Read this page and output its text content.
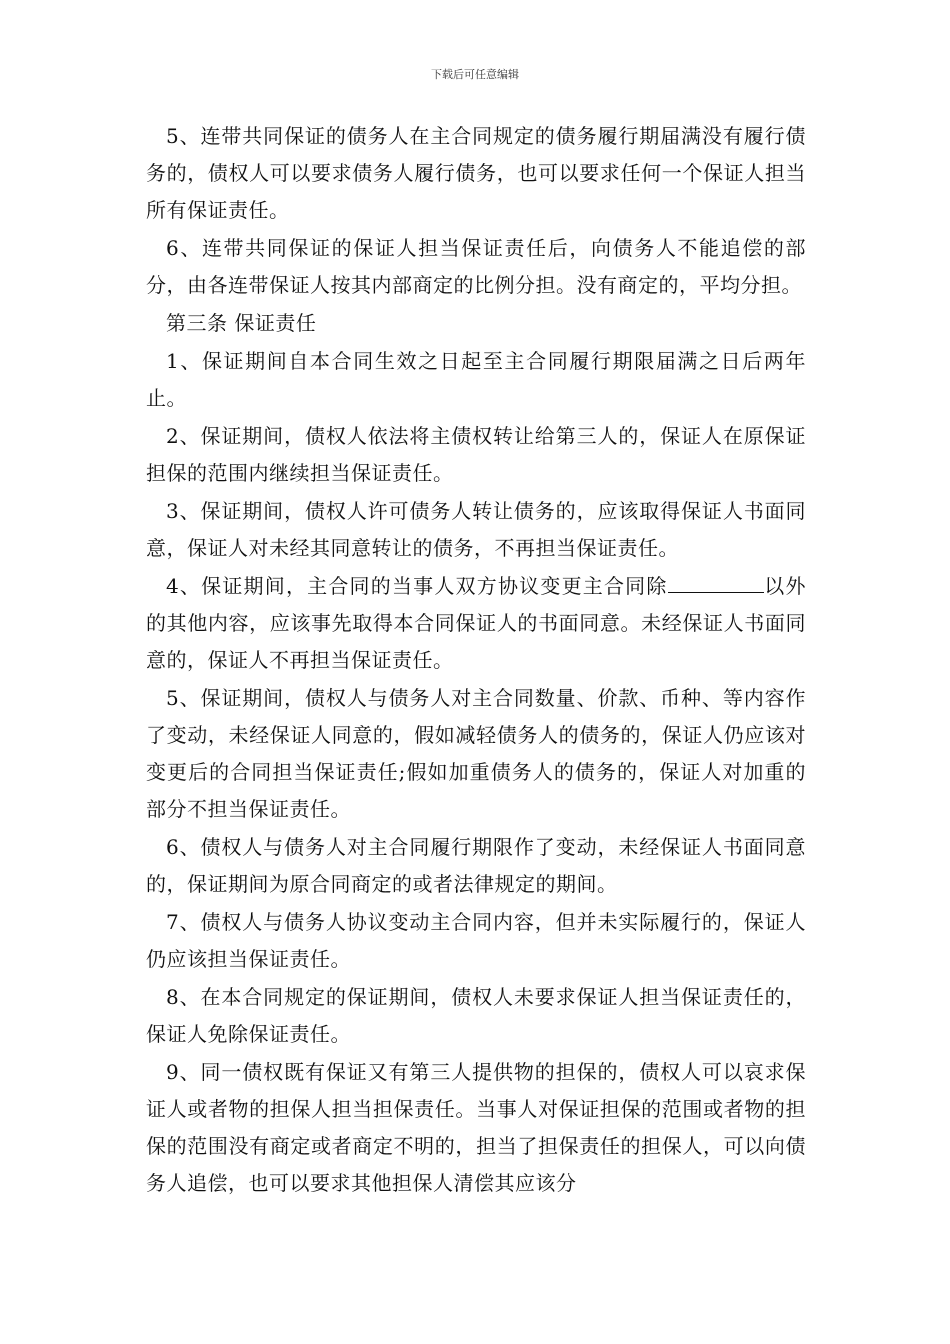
下载后可任意编辑

5、连带共同保证的债务人在主合同规定的债务履行期届满没有履行债务的，债权人可以要求债务人履行债务，也可以要求任何一个保证人担当所有保证责任。

6、连带共同保证的保证人担当保证责任后，向债务人不能追偿的部分，由各连带保证人按其内部商定的比例分担。没有商定的，平均分担。

第三条 保证责任

1、保证期间自本合同生效之日起至主合同履行期限届满之日后两年止。

2、保证期间，债权人依法将主债权转让给第三人的，保证人在原保证担保的范围内继续担当保证责任。

3、保证期间，债权人许可债务人转让债务的，应该取得保证人书面同意，保证人对未经其同意转让的债务，不再担当保证责任。

4、保证期间，主合同的当事人双方协议变更主合同除	以外的其他内容，应该事先取得本合同保证人的书面同意。未经保证人书面同意的，保证人不再担当保证责任。

5、保证期间，债权人与债务人对主合同数量、价款、币种、等内容作了变动，未经保证人同意的，假如减轻债务人的债务的，保证人仍应该对变更后的合同担当保证责任;假如加重债务人的债务的，保证人对加重的部分不担当保证责任。

6、债权人与债务人对主合同履行期限作了变动，未经保证人书面同意的，保证期间为原合同商定的或者法律规定的期间。

7、债权人与债务人协议变动主合同内容，但并未实际履行的，保证人仍应该担当保证责任。

8、在本合同规定的保证期间，债权人未要求保证人担当保证责任的，保证人免除保证责任。

9、同一债权既有保证又有第三人提供物的担保的，债权人可以哀求保证人或者物的担保人担当担保责任。当事人对保证担保的范围或者物的担保的范围没有商定或者商定不明的，担当了担保责任的担保人，可以向债务人追偿，也可以要求其他担保人清偿其应该分
